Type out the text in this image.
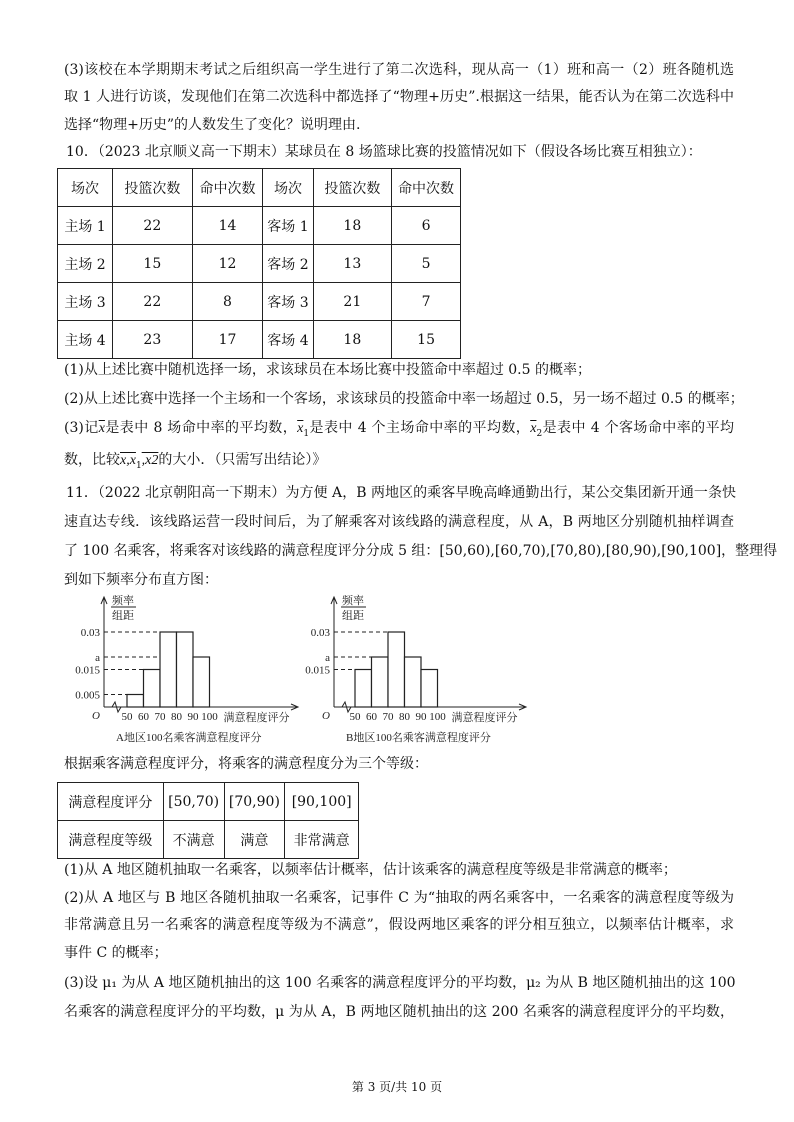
(3)该校在本学期期末考试之后组织高一学生进行了第二次选科，现从高一（1）班和高一（2）班各随机选
取 1 人进行访谈，发现他们在第二次选科中都选择了“物理+历史”.根据这一结果，能否认为在第二次选科中
选择“物理+历史”的人数发生了变化？说明理由.
10．（2023 北京顺义高一下期末）某球员在 8 场篮球比赛的投篮情况如下（假设各场比赛互相独立）：
场次	投篮次数	命中次数	场次	投篮次数	命中次数
主场 1	22	14	客场 1	18	6
主场 2	15	12	客场 2	13	5
主场 3	22	8	客场 3	21	7
主场 4	23	17	客场 4	18	15
(1)从上述比赛中随机选择一场，求该球员在本场比赛中投篮命中率超过 0.5 的概率；
(2)从上述比赛中选择一个主场和一个客场，求该球员的投篮命中率一场超过 0.5，另一场不超过 0.5 的概率；
(3)记$\overline{x}$是表中 8 场命中率的平均数，$\overline{x}_1$是表中 4 个主场命中率的平均数，$\overline{x}_2$是表中 4 个客场命中率的平均
数，比较$x,x_1,x2$的大小．（只需写出结论）》
11．（2022 北京朝阳高一下期末）为方便 A，B 两地区的乘客早晚高峰通勤出行，某公交集团新开通一条快
速直达专线．该线路运营一段时间后，为了解乘客对该线路的满意程度，从 A，B 两地区分别随机抽样调查
了 100 名乘客，将乘客对该线路的满意程度评分分成 5 组：[50,60),[60,70),[70,80),[80,90),[90,100]，整理得
到如下频率分布直方图：
O
频率
组距
0.03
a
0.015
0.005
50 60 70 80 90 100 满意程度评分
A地区100名乘客满意程度评分
O
频率
组距
0.03
a
0.015
50 60 70 80 90 100 满意程度评分
B地区100名乘客满意程度评分
根据乘客满意程度评分，将乘客的满意程度分为三个等级：
满意程度评分	[50,70)	[70,90)	[90,100]
满意程度等级	不满意	满意	非常满意
(1)从 A 地区随机抽取一名乘客，以频率估计概率，估计该乘客的满意程度等级是非常满意的概率；
(2)从 A 地区与 B 地区各随机抽取一名乘客，记事件 C 为“抽取的两名乘客中，一名乘客的满意程度等级为
非常满意且另一名乘客的满意程度等级为不满意”，假设两地区乘客的评分相互独立，以频率估计概率，求
事件 C 的概率；
(3)设 μ₁ 为从 A 地区随机抽出的这 100 名乘客的满意程度评分的平均数，μ₂ 为从 B 地区随机抽出的这 100
名乘客的满意程度评分的平均数，μ 为从 A，B 两地区随机抽出的这 200 名乘客的满意程度评分的平均数，
第 3 页/共 10 页
